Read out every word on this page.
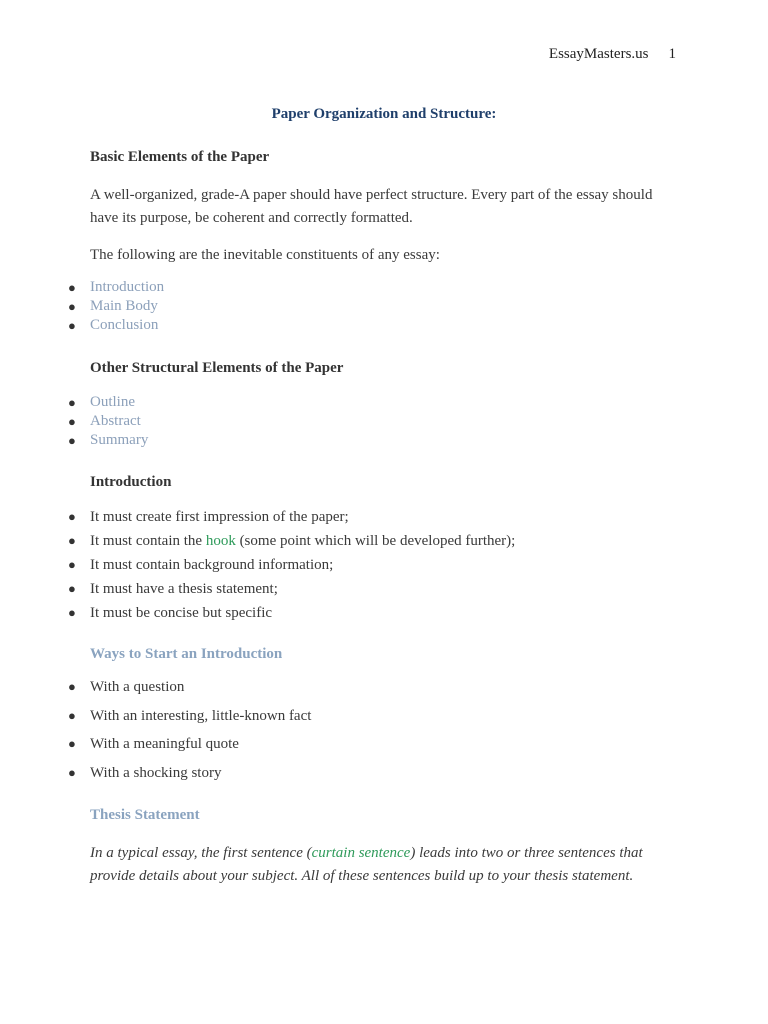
EssayMasters.us 1
Paper Organization and Structure:
Basic Elements of the Paper
A well-organized, grade-A paper should have perfect structure. Every part of the essay should have its purpose, be coherent and correctly formatted.
The following are the inevitable constituents of any essay:
● Introduction
● Main Body
● Conclusion
Other Structural Elements of the Paper
● Outline
● Abstract
● Summary
Introduction
● It must create first impression of the paper;
● It must contain the hook (some point which will be developed further);
● It must contain background information;
● It must have a thesis statement;
● It must be concise but specific
Ways to Start an Introduction
● With a question
● With an interesting, little-known fact
● With a meaningful quote
● With a shocking story
Thesis Statement
In a typical essay, the first sentence (curtain sentence) leads into two or three sentences that provide details about your subject. All of these sentences build up to your thesis statement.
